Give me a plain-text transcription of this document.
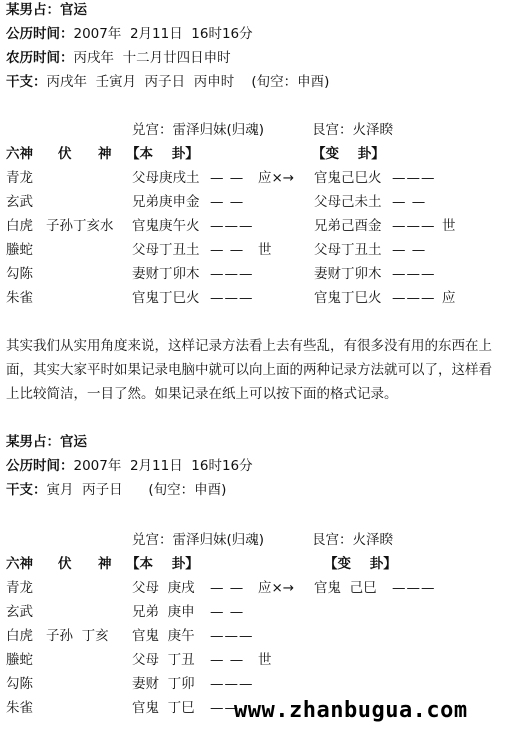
某男占：官运
公历时间：2007年  2月11日  16时16分
农历时间：丙戌年  十二月廿四日申时
干支：丙戌年  壬寅月  丙子日  丙申时    (旬空：申酉)
兑宫：雷泽归妹(归魂)	艮宫：火泽睽
六神 伏 神 【本    卦】	【变    卦】
青龙	父母庚戌土 — — 应×→ 官鬼己巳火 ———
玄武	兄弟庚申金 — —	父母己未土 — —
白虎 子孙丁亥水 官鬼庚午火 ———	兄弟己酉金 ——— 世
螣蛇	父母丁丑土 — — 世	父母丁丑土 — —
勾陈	妻财丁卯木 ———	妻财丁卯木 ———
朱雀	官鬼丁巳火 ———	官鬼丁巳火 ——— 应
其实我们从实用角度来说，这样记录方法看上去有些乱，有很多没有用的东西在上面，其实大家平时如果记录电脑中就可以向上面的两种记录方法就可以了，这样看上比较简洁，一目了然。如果记录在纸上可以按下面的格式记录。
某男占：官运
公历时间：2007年  2月11日  16时16分
干支：寅月  丙子日      (旬空：申酉)
兑宫：雷泽归妹(归魂)	艮宫：火泽睽
六神 伏 神 【本    卦】	【变    卦】
青龙	父母  庚戌 — — 应×→ 官鬼  己巳 ———
玄武	兄弟  庚申 — —
白虎 子孙  丁亥 官鬼  庚午 ———
螣蛇	父母  丁丑 — — 世
勾陈	妻财  丁卯 ———
朱雀	官鬼  丁巳 ——
www.zhanbugua.com
